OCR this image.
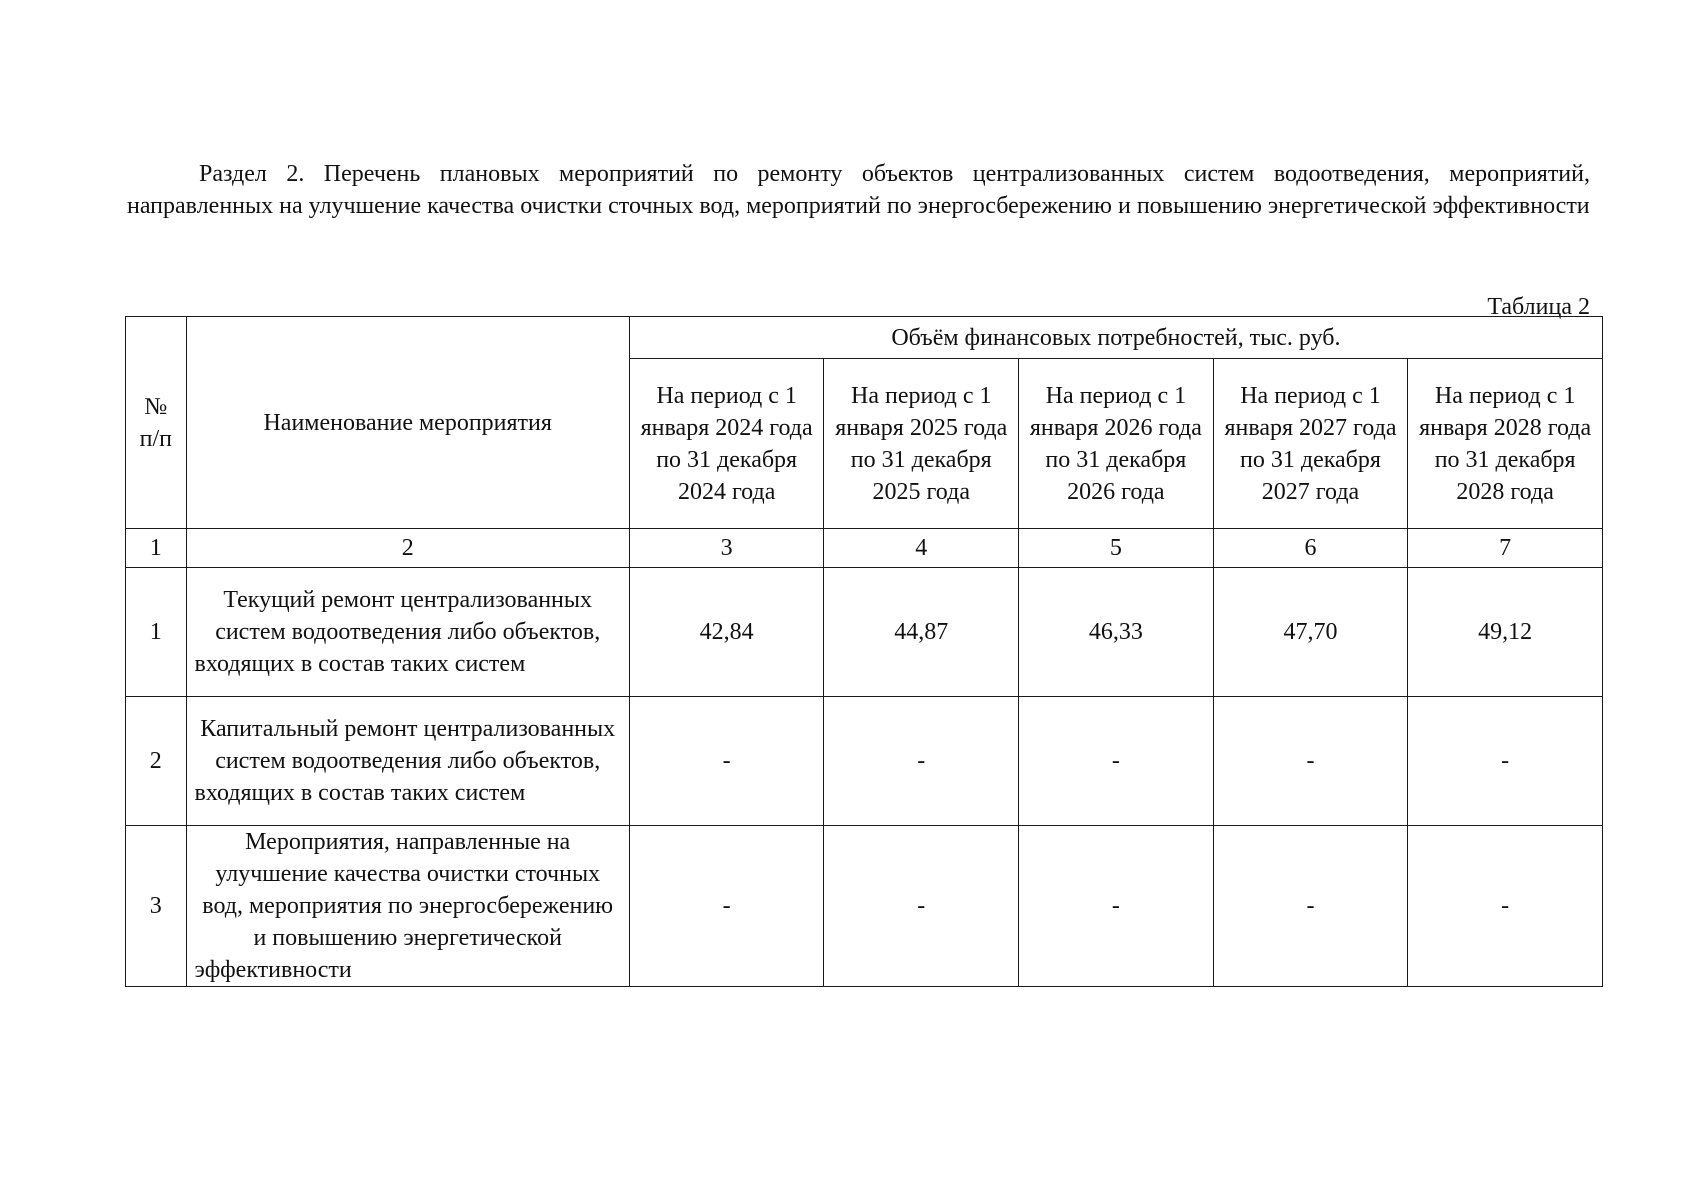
Раздел 2. Перечень плановых мероприятий по ремонту объектов централизованных систем водоотведения, мероприятий, направленных на улучшение качества очистки сточных вод, мероприятий по энергосбережению и повышению энергетической эффективности

Таблица 2
№ п/п	Наименование мероприятия	Объём финансовых потребностей, тыс. руб.				
		На период с 1 января 2024 года по 31 декабря 2024 года	На период с 1 января 2025 года по 31 декабря 2025 года	На период с 1 января 2026 года по 31 декабря 2026 года	На период с 1 января 2027 года по 31 декабря 2027 года	На период с 1 января 2028 года по 31 декабря 2028 года
1	2	3	4	5	6	7
1	Текущий ремонт централизованных систем водоотведения либо объектов, входящих в состав таких систем	42,84	44,87	46,33	47,70	49,12
2	Капитальный ремонт централизованных систем водоотведения либо объектов, входящих в состав таких систем	-	-	-	-	-
3	Мероприятия, направленные на улучшение качества очистки сточных вод, мероприятия по энергосбережению и повышению энергетической эффективности	-	-	-	-	-
